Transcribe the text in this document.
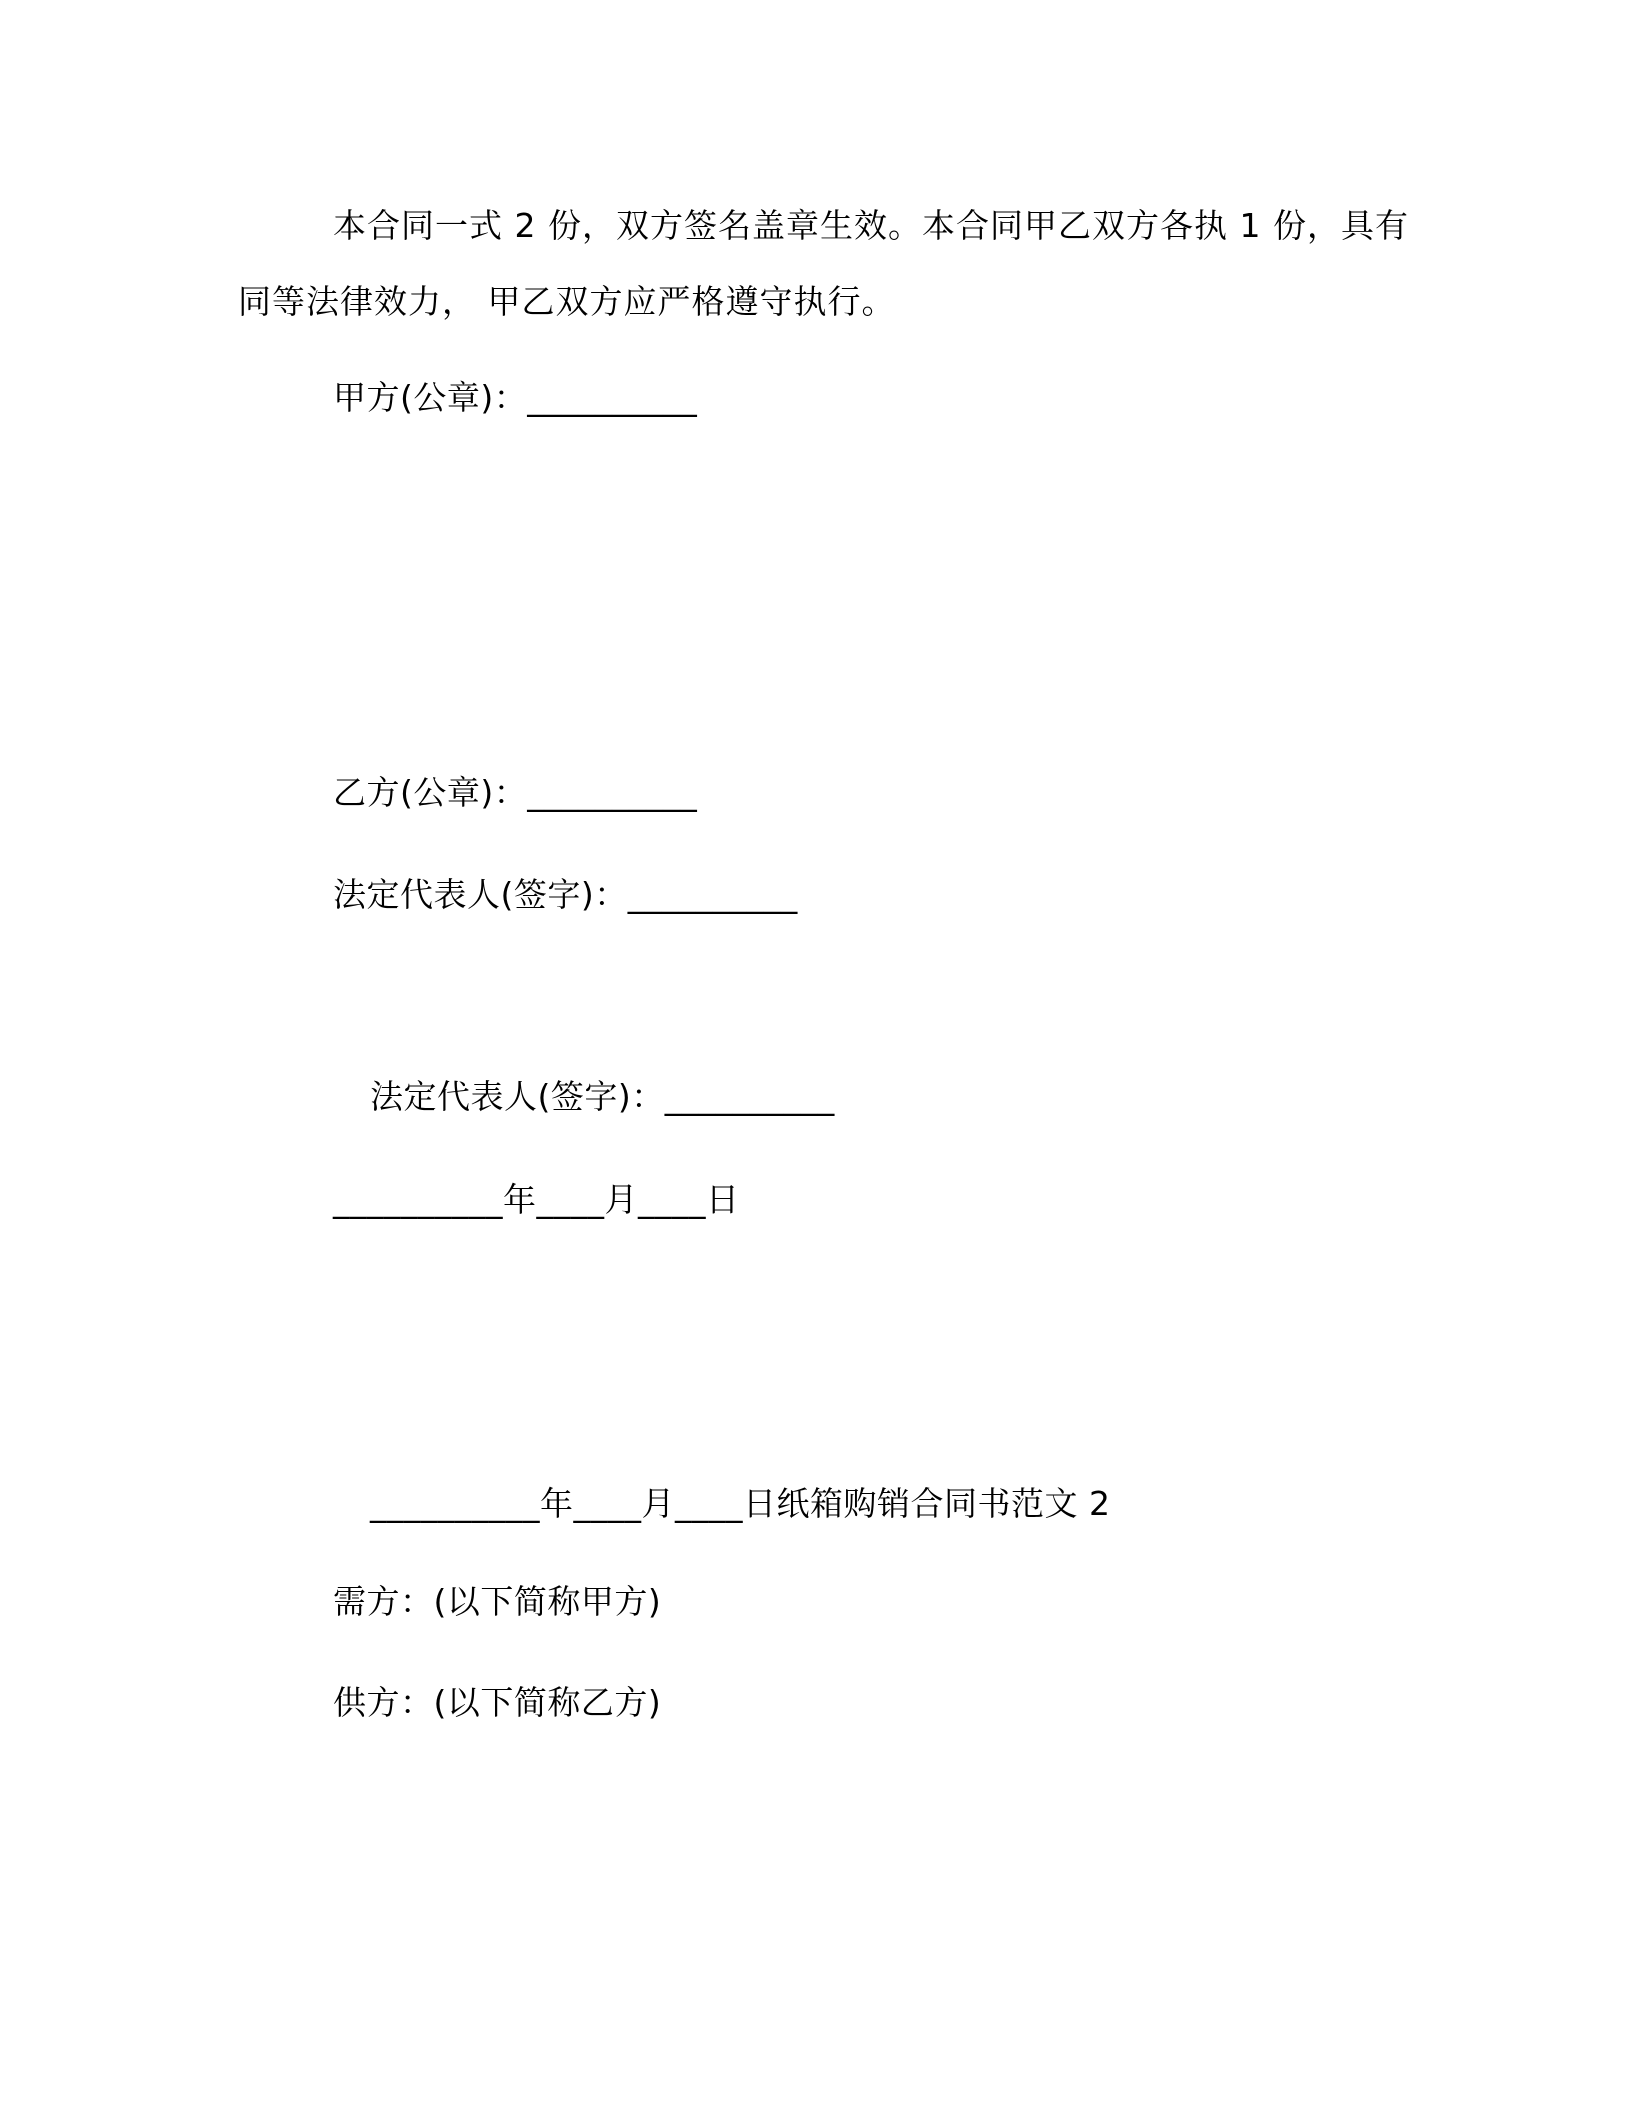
本合同一式 2 份，双方签名盖章生效。本合同甲乙双方各执 1 份，具有同等法律效力， 甲乙双方应严格遵守执行。
甲方(公章)：__________
乙方(公章)：__________
法定代表人(签字)：__________
法定代表人(签字)：__________
__________年____月____日
__________年____月____日纸箱购销合同书范文 2
需方：(以下简称甲方)
供方：(以下简称乙方)
